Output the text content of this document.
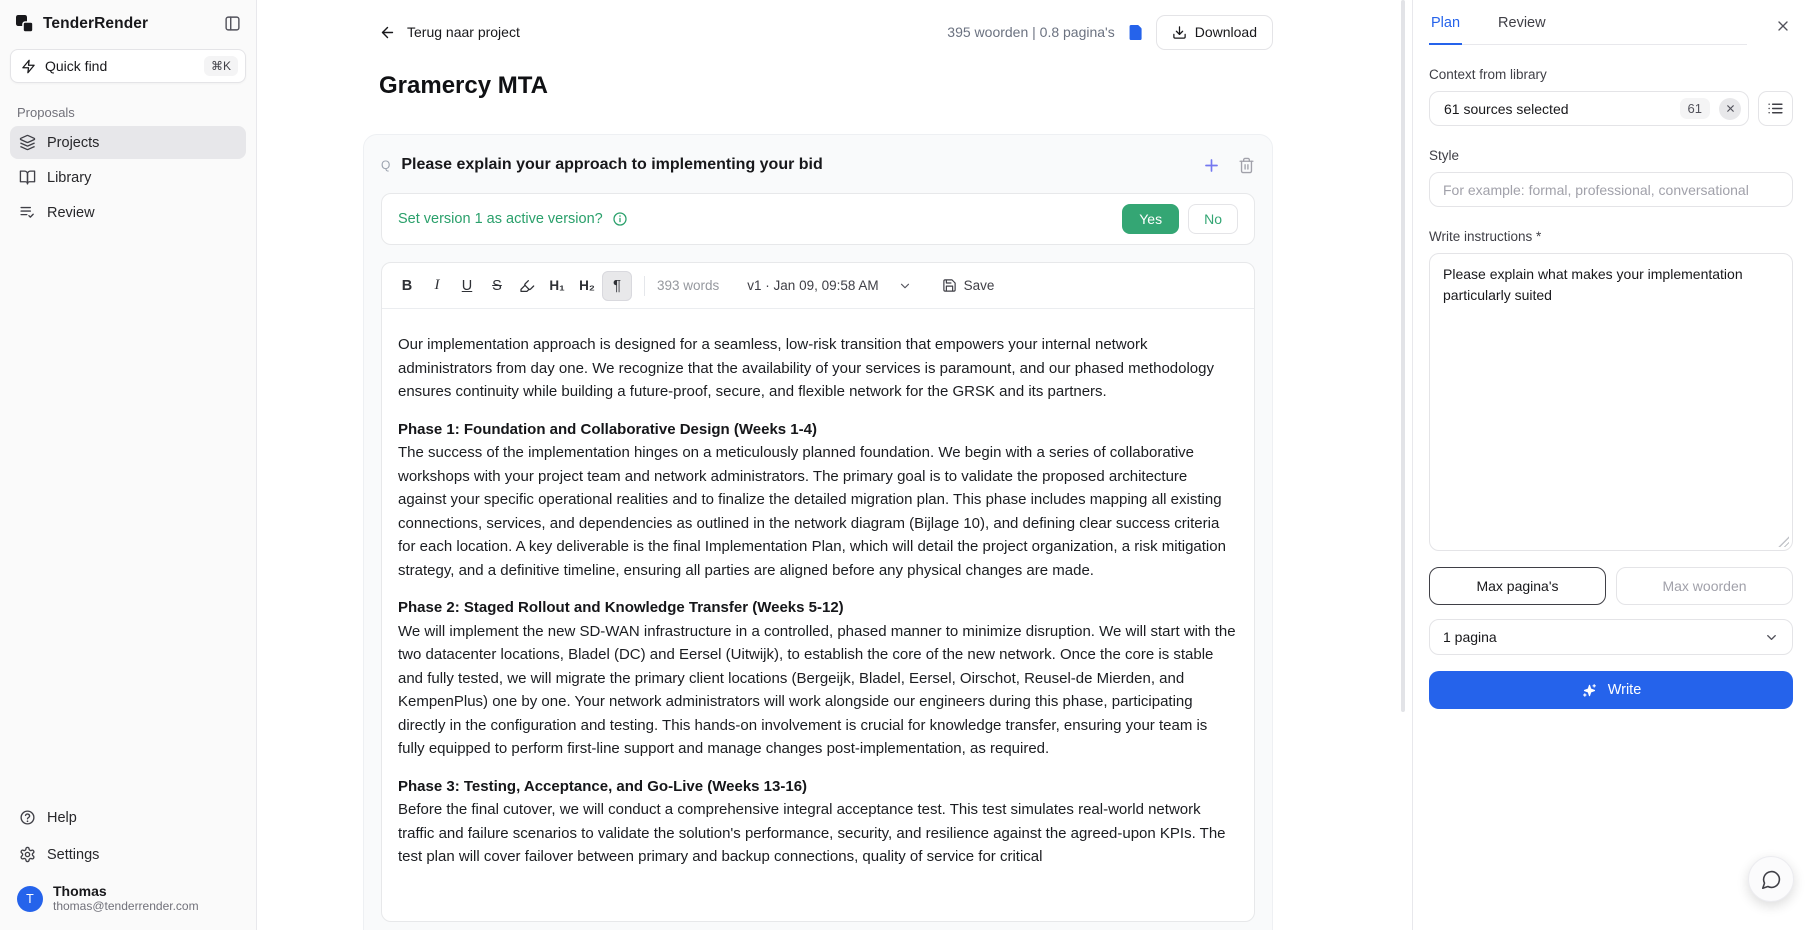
TenderRender
Quick find	⌘K
Proposals
Projects
Library
Review
Help
Settings
T	Thomas
thomas@tenderrender.com
Terug naar project	395 woorden | 0.8 pagina's	Download
Gramercy MTA
Q Please explain your approach to implementing your bid
Set version 1 as active version?	Yes	No
B	I	U S	H₁	H₂	¶	393 words v1 · Jan 09, 09:58 AM	Save

Our implementation approach is designed for a seamless, low-risk transition that empowers your internal network administrators from day one. We recognize that the availability of your services is paramount, and our phased methodology ensures continuity while building a future-proof, secure, and flexible network for the GRSK and its partners.

Phase 1: Foundation and Collaborative Design (Weeks 1-4)
The success of the implementation hinges on a meticulously planned foundation. We begin with a series of collaborative workshops with your project team and network administrators. The primary goal is to validate the proposed architecture against your specific operational realities and to finalize the detailed migration plan. This phase includes mapping all existing connections, services, and dependencies as outlined in the network diagram (Bijlage 10), and defining clear success criteria for each location. A key deliverable is the final Implementation Plan, which will detail the project organization, a risk mitigation strategy, and a definitive timeline, ensuring all parties are aligned before any physical changes are made.

Phase 2: Staged Rollout and Knowledge Transfer (Weeks 5-12)
We will implement the new SD-WAN infrastructure in a controlled, phased manner to minimize disruption. We will start with the two datacenter locations, Bladel (DC) and Eersel (Uitwijk), to establish the core of the new network. Once the core is stable and fully tested, we will migrate the primary client locations (Bergeijk, Bladel, Eersel, Oirschot, Reusel-de Mierden, and KempenPlus) one by one. Your network administrators will work alongside our engineers during this phase, participating directly in the configuration and testing. This hands-on involvement is crucial for knowledge transfer, ensuring your team is fully equipped to perform first-line support and manage changes post-implementation, as required.

Phase 3: Testing, Acceptance, and Go-Live (Weeks 13-16)
Before the final cutover, we will conduct a comprehensive integral acceptance test. This test simulates real-world network traffic and failure scenarios to validate the solution's performance, security, and resilience against the agreed-upon KPIs. The test plan will cover failover between primary and backup connections, quality of service for critical

Plan	Review
Context from library
61 sources selected	61
Style
For example: formal, professional, conversational
Write instructions *
Please explain what makes your implementation particularly suited
Max pagina's	Max woorden
1 pagina
Write
